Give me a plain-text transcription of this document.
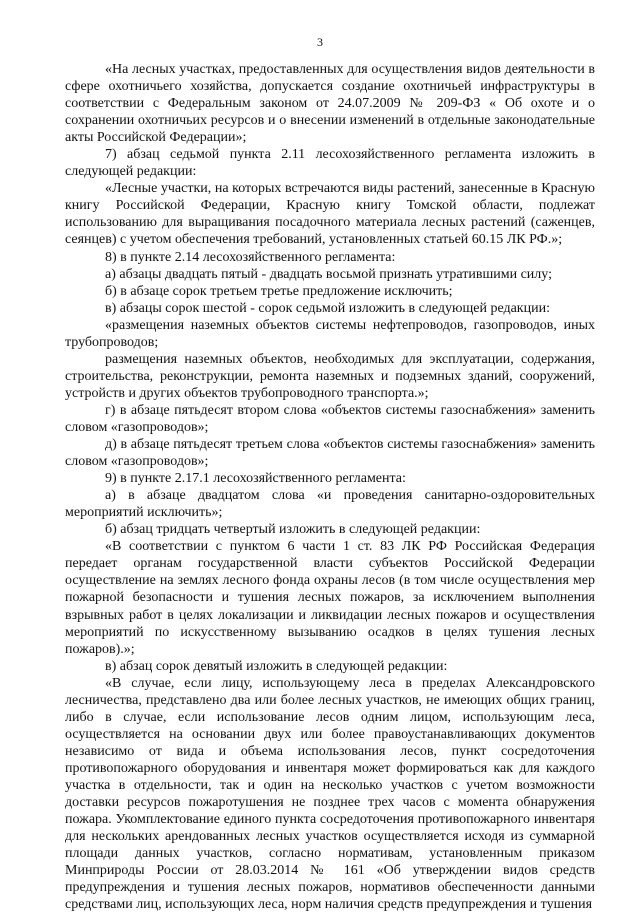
3

«На лесных участках, предоставленных для осуществления видов деятельности в сфере охотничьего хозяйства, допускается создание охотничьей инфраструктуры в соответствии с Федеральным законом от 24.07.2009 № 209-ФЗ « Об охоте и о сохранении охотничьих ресурсов и о внесении изменений в отдельные законодательные акты Российской Федерации»;

7) абзац седьмой пункта 2.11 лесохозяйственного регламента изложить в следующей редакции:

«Лесные участки, на которых встречаются виды растений, занесенные в Красную книгу Российской Федерации, Красную книгу Томской области, подлежат использованию для выращивания посадочного материала лесных растений (саженцев, сеянцев) с учетом обеспечения требований, установленных статьей 60.15 ЛК РФ.»;

8) в пункте 2.14 лесохозяйственного регламента:

а) абзацы двадцать пятый - двадцать восьмой признать утратившими силу;

б) в абзаце сорок третьем третье предложение исключить;

в) абзацы сорок шестой - сорок седьмой изложить в следующей редакции:

«размещения наземных объектов системы нефтепроводов, газопроводов, иных трубопроводов;

размещения наземных объектов, необходимых для эксплуатации, содержания, строительства, реконструкции, ремонта наземных и подземных зданий, сооружений, устройств и других объектов трубопроводного транспорта.»;

г) в абзаце пятьдесят втором слова «объектов системы газоснабжения» заменить словом «газопроводов»;

д) в абзаце пятьдесят третьем слова «объектов системы газоснабжения» заменить словом «газопроводов»;

9) в пункте 2.17.1 лесохозяйственного регламента:

а) в абзаце двадцатом слова «и проведения санитарно-оздоровительных мероприятий исключить»;

б) абзац тридцать четвертый изложить в следующей редакции:

«В соответствии с пунктом 6 части 1 ст. 83 ЛК РФ Российская Федерация передает органам государственной власти субъектов Российской Федерации осуществление на землях лесного фонда охраны лесов (в том числе осуществления мер пожарной безопасности и тушения лесных пожаров, за исключением выполнения взрывных работ в целях локализации и ликвидации лесных пожаров и осуществления мероприятий по искусственному вызыванию осадков в целях тушения лесных пожаров).»;

в) абзац сорок девятый изложить в следующей редакции:

«В случае, если лицу, использующему леса в пределах Александровского лесничества, представлено два или более лесных участков, не имеющих общих границ, либо в случае, если использование лесов одним лицом, использующим леса, осуществляется на основании двух или более правоустанавливающих документов независимо от вида и объема использования лесов, пункт сосредоточения противопожарного оборудования и инвентаря может формироваться как для каждого участка в отдельности, так и один на несколько участков с учетом возможности доставки ресурсов пожаротушения не позднее трех часов с момента обнаружения пожара. Укомплектование единого пункта сосредоточения противопожарного инвентаря для нескольких арендованных лесных участков осуществляется исходя из суммарной площади данных участков, согласно нормативам, установленным приказом Минприроды России от 28.03.2014 № 161 «Об утверждении видов средств предупреждения и тушения лесных пожаров, нормативов обеспеченности данными средствами лиц, использующих леса, норм наличия средств предупреждения и тушения
